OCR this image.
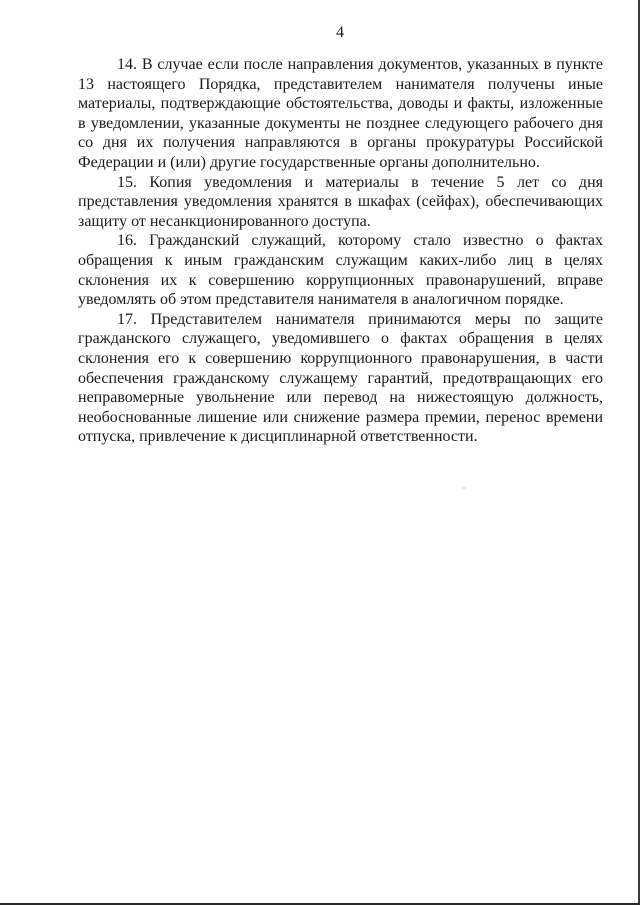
4

14. В случае если после направления документов, указанных в пункте 13 настоящего Порядка, представителем нанимателя получены иные материалы, подтверждающие обстоятельства, доводы и факты, изложенные в уведомлении, указанные документы не позднее следующего рабочего дня со дня их получения направляются в органы прокуратуры Российской Федерации и (или) другие государственные органы дополнительно.

15. Копия уведомления и материалы в течение 5 лет со дня представления уведомления хранятся в шкафах (сейфах), обеспечивающих защиту от несанкционированного доступа.

16. Гражданский служащий, которому стало известно о фактах обращения к иным гражданским служащим каких-либо лиц в целях склонения их к совершению коррупционных правонарушений, вправе уведомлять об этом представителя нанимателя в аналогичном порядке.

17. Представителем нанимателя принимаются меры по защите гражданского служащего, уведомившего о фактах обращения в целях склонения его к совершению коррупционного правонарушения, в части обеспечения гражданскому служащему гарантий, предотвращающих его неправомерные увольнение или перевод на нижестоящую должность, необоснованные лишение или снижение размера премии, перенос времени отпуска, привлечение к дисциплинарной ответственности.
